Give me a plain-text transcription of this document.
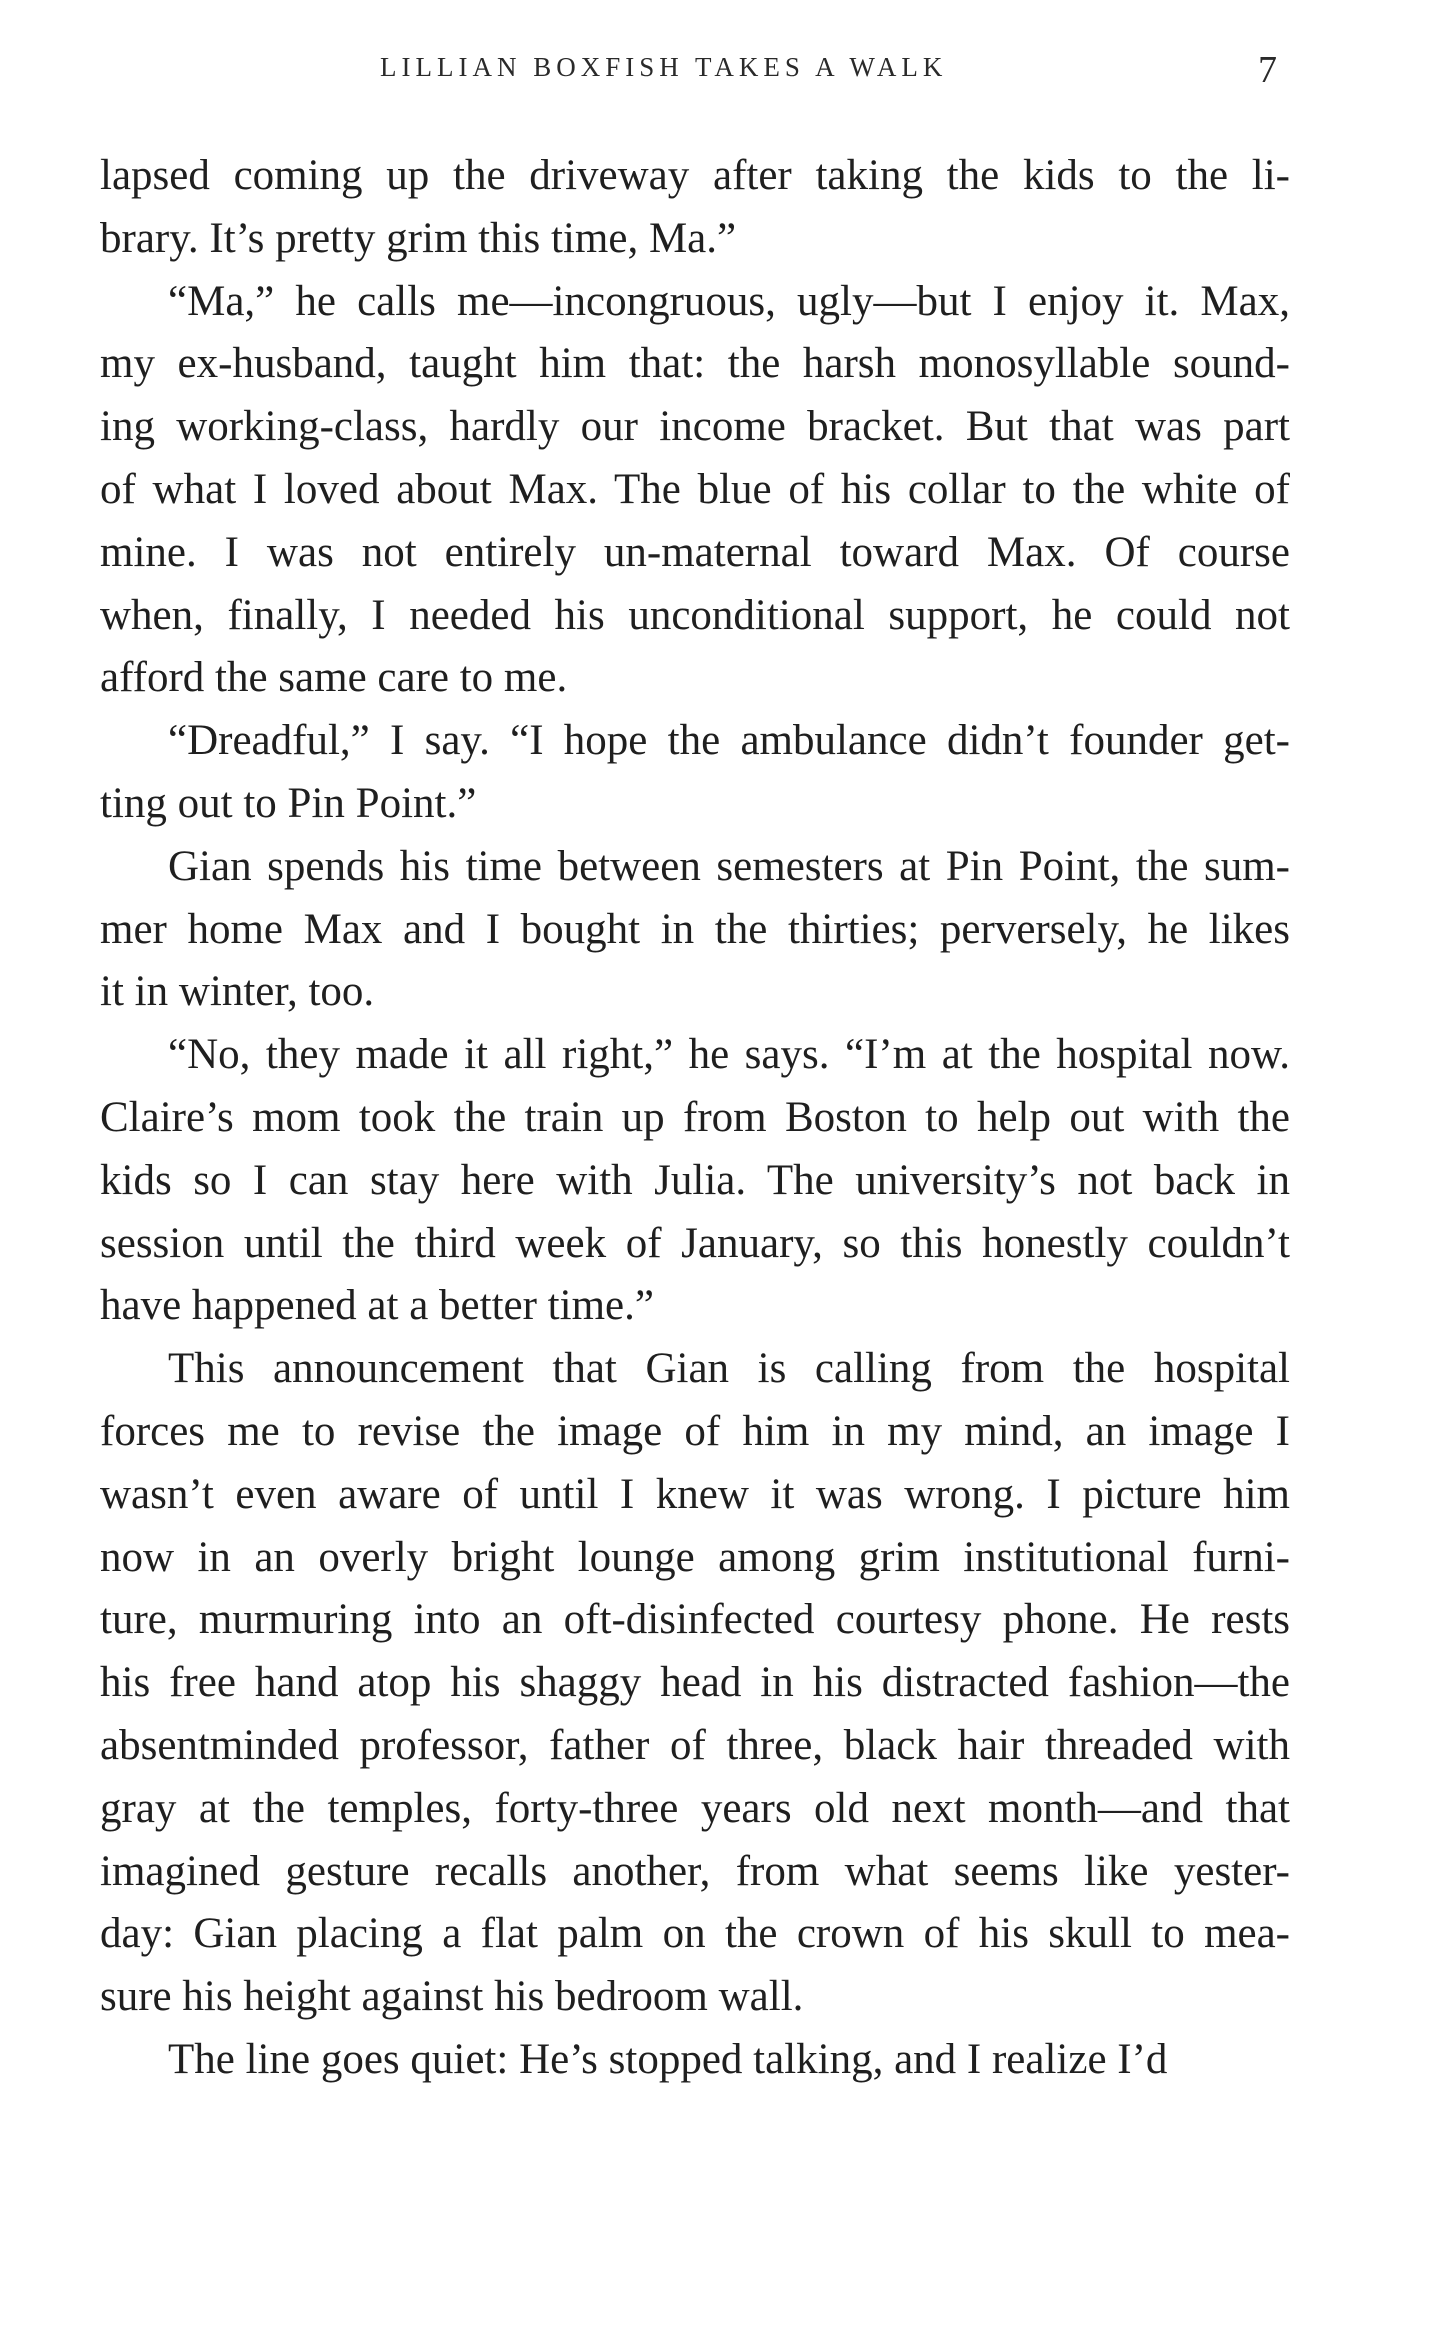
LILLIAN BOXFISH TAKES A WALK	7
lapsed coming up the driveway after taking the kids to the li-
brary. It’s pretty grim this time, Ma.”
“Ma,” he calls me—incongruous, ugly—but I enjoy it. Max,
my ex-husband, taught him that: the harsh monosyllable sound-
ing working-class, hardly our income bracket. But that was part
of what I loved about Max. The blue of his collar to the white of
mine. I was not entirely un-maternal toward Max. Of course
when, finally, I needed his unconditional support, he could not
afford the same care to me.
“Dreadful,” I say. “I hope the ambulance didn’t founder get-
ting out to Pin Point.”
Gian spends his time between semesters at Pin Point, the sum-
mer home Max and I bought in the thirties; perversely, he likes
it in winter, too.
“No, they made it all right,” he says. “I’m at the hospital now.
Claire’s mom took the train up from Boston to help out with the
kids so I can stay here with Julia. The university’s not back in
session until the third week of January, so this honestly couldn’t
have happened at a better time.”
This announcement that Gian is calling from the hospital
forces me to revise the image of him in my mind, an image I
wasn’t even aware of until I knew it was wrong. I picture him
now in an overly bright lounge among grim institutional furni-
ture, murmuring into an oft-disinfected courtesy phone. He rests
his free hand atop his shaggy head in his distracted fashion—the
absentminded professor, father of three, black hair threaded with
gray at the temples, forty-three years old next month—and that
imagined gesture recalls another, from what seems like yester-
day: Gian placing a flat palm on the crown of his skull to mea-
sure his height against his bedroom wall.
The line goes quiet: He’s stopped talking, and I realize I’d
